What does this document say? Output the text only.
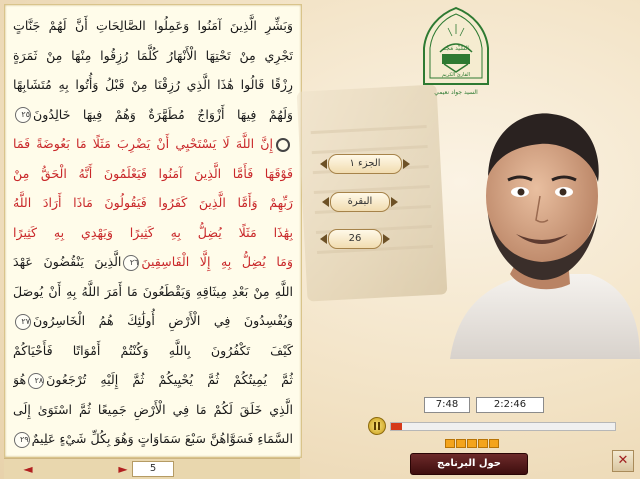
وَبَشِّرِ الَّذِينَ آمَنُوا وَعَمِلُوا الصَّالِحَاتِ أَنَّ لَهُمْ جَنَّاتٍ
تَجْرِي مِنْ تَحْتِهَا الْأَنْهَارُ كُلَّمَا رُزِقُوا مِنْهَا مِنْ ثَمَرَةٍ
رِزْقًا قَالُوا هَٰذَا الَّذِي رُزِقْنَا مِنْ قَبْلُ وَأُتُوا بِهِ مُتَشَابِهًا
وَلَهُمْ فِيهَا أَزْوَاجٌ مُطَهَّرَةٌ وَهُمْ فِيهَا خَالِدُونَ٢٥
إِنَّ اللَّهَ لَا يَسْتَحْيِي أَنْ يَضْرِبَ مَثَلًا مَا بَعُوضَةً فَمَا
فَوْقَهَا فَأَمَّا الَّذِينَ آمَنُوا فَيَعْلَمُونَ أَنَّهُ الْحَقُّ مِنْ
رَبِّهِمْ وَأَمَّا الَّذِينَ كَفَرُوا فَيَقُولُونَ مَاذَا أَرَادَ اللَّهُ
بِهَٰذَا مَثَلًا يُضِلُّ بِهِ كَثِيرًا وَيَهْدِي بِهِ كَثِيرًا
وَمَا يُضِلُّ بِهِ إِلَّا الْفَاسِقِينَ٢٦الَّذِينَ يَنْقُضُونَ عَهْدَ
اللَّهِ مِنْ بَعْدِ مِيثَاقِهِ وَيَقْطَعُونَ مَا أَمَرَ اللَّهُ بِهِ أَنْ يُوصَلَ
وَيُفْسِدُونَ فِي الْأَرْضِ أُولَٰئِكَ هُمُ الْخَاسِرُونَ٢٧
كَيْفَ تَكْفُرُونَ بِاللَّهِ وَكُنْتُمْ أَمْوَاتًا فَأَحْيَاكُمْ
ثُمَّ يُمِيتُكُمْ ثُمَّ يُحْيِيكُمْ ثُمَّ إِلَيْهِ تُرْجَعُونَ٢٨هُوَ
الَّذِي خَلَقَ لَكُمْ مَا فِي الْأَرْضِ جَمِيعًا ثُمَّ اسْتَوَىٰ إِلَى
السَّمَاءِ فَسَوَّاهُنَّ سَبْعَ سَمَاوَاتٍ وَهُوَ بِكُلِّ شَيْءٍ عَلِيمٌ٢٩
◄	►	5
السَّيِّد مَجْد
القارئ الكريم
السيد جواد نعيمي
الجزء ١
البقرة
26
7:48	2:2:46
حول البرنامج	✕
